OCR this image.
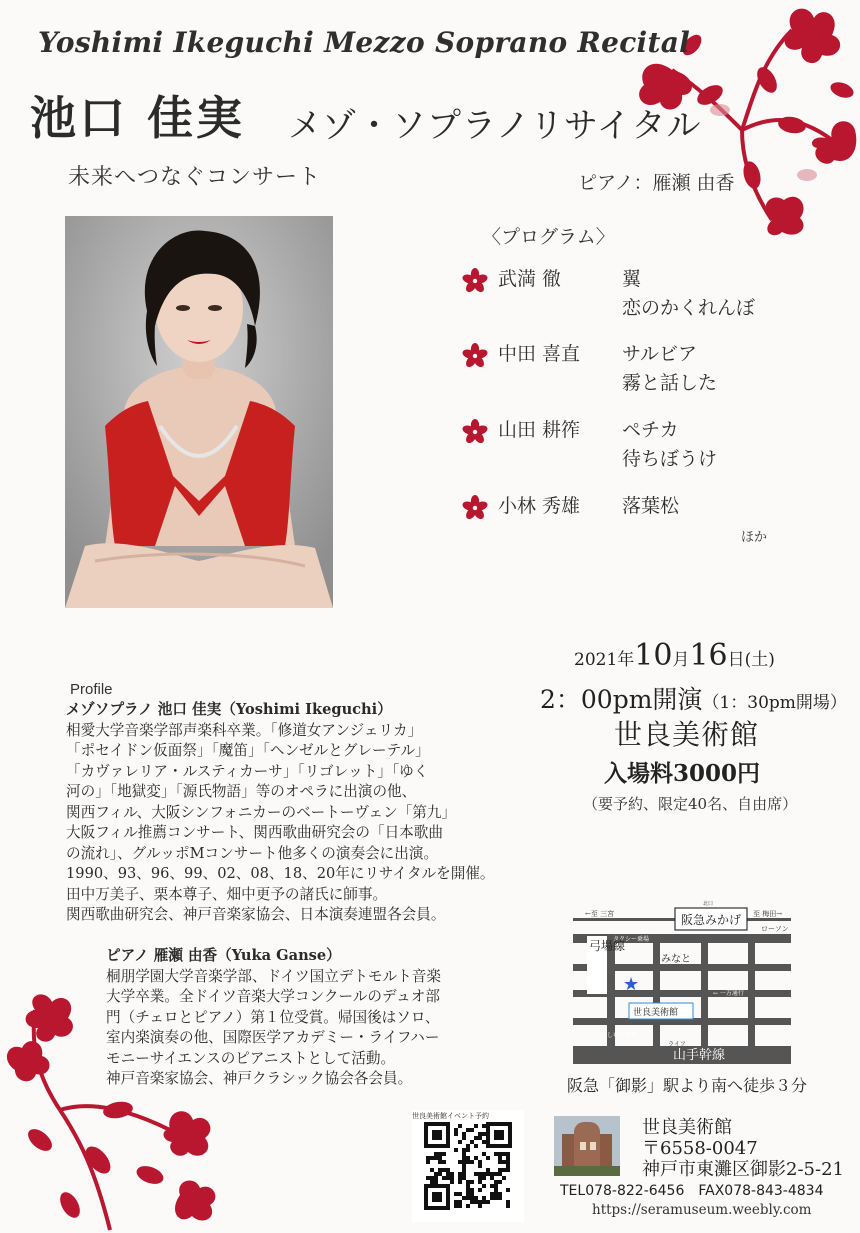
Yoshimi Ikeguchi Mezzo Soprano Recital
池口 佳実 メゾ・ソプラノリサイタル
未来へつなぐコンサート	ピアノ：雁瀬 由香
〈プログラム〉
武満 徹	翼
恋のかくれんぼ
中田 喜直	サルビア
霧と話した
山田 耕筰	ペチカ
待ちぼうけ
小林 秀雄	落葉松
ほか
2021年10月16日(土)
2：00pm開演（1：30pm開場）
世良美術館
入場料3000円
（要予約、限定40名、自由席）
Profile
メゾソプラノ 池口 佳実（Yoshimi Ikeguchi）
相愛大学音楽学部声楽科卒業。「修道女アンジェリカ」
「ポセイドン仮面祭」「魔笛」「ヘンゼルとグレーテル」
「カヴァレリア・ルスティカーサ」「リゴレット」「ゆく
河の」「地獄変」「源氏物語」等のオペラに出演の他、
関西フィル、大阪シンフォニカーのベートーヴェン「第九」
大阪フィル推薦コンサート、関西歌曲研究会の「日本歌曲
の流れ」、グルッポMコンサート他多くの演奏会に出演。
1990、93、96、99、02、08、18、20年にリサイタルを開催。
田中万美子、栗本尊子、畑中更予の諸氏に師事。
関西歌曲研究会、神戸音楽家協会、日本演奏連盟各会員。
ピアノ 雁瀬 由香（Yuka Ganse）
桐朋学園大学音楽学部、ドイツ国立デトモルト音楽
大学卒業。全ドイツ音楽大学コンクールのデュオ部
門（チェロとピアノ）第１位受賞。帰国後はソロ、
室内楽演奏の他、国際医学アカデミー・ライフハー
モニーサイエンスのピアニストとして活動。
神戸音楽家協会、神戸クラシック協会各会員。
←至 三宮	至 梅田→
北口
阪急みかげ
ローソン
タクシー乗場
山手幹線
弓場線
みなと
← 一方通行
★
世良美術館
にしむら珈琲
ライフ
阪急「御影」駅より南へ徒歩３分
世良美術館イベント予約
世良美術館
〒6558-0047
神戸市東灘区御影2-5-21
TEL078-822-6456　FAX078-843-4834
https://seramuseum.weebly.com
